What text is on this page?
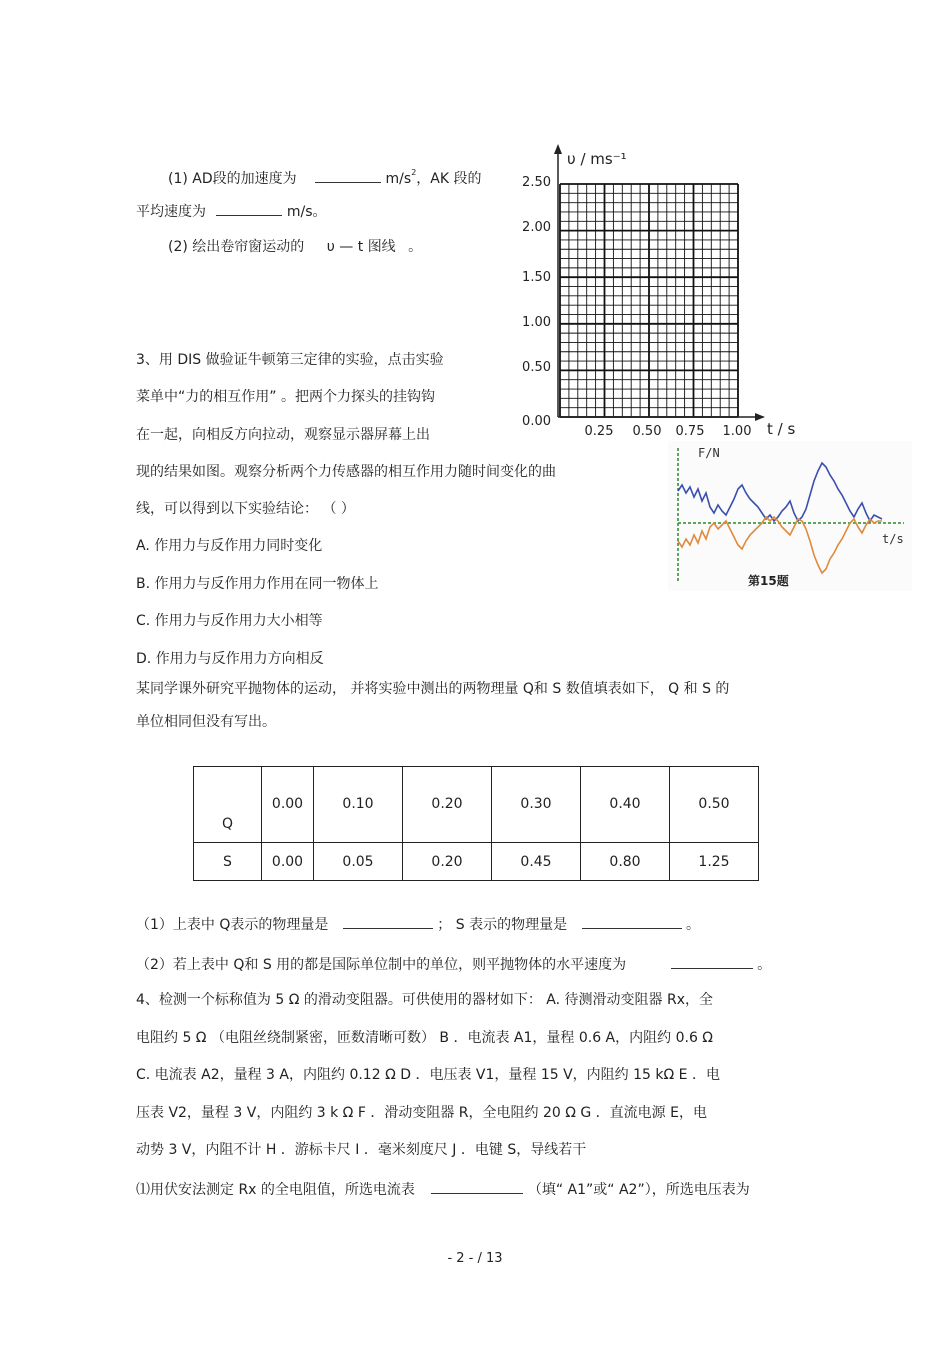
(1) AD段的加速度为	$m/s^2$，AK 段的
平均速度为	m/s。
(2) 绘出卷帘窗运动的 υ — t 图线 。
υ / ms⁻¹
t / s
2.50
2.00
1.50
1.00
0.50
0.00
0.25 0.50 0.75 1.00
3、用 DIS 做验证牛顿第三定律的实验，点击实验
菜单中“力的相互作用” 。把两个力探头的挂钩钩
在一起，向相反方向拉动，观察显示器屏幕上出
现的结果如图。观察分析两个力传感器的相互作用力随时间变化的曲
线，可以得到以下实验结论： （ ）
A. 作用力与反作用力同时变化
B. 作用力与反作用力作用在同一物体上
C. 作用力与反作用力大小相等
D. 作用力与反作用力方向相反
F/N
t/s
第15题
某同学课外研究平抛物体的运动， 并将实验中测出的两物理量 Q和 S 数值填表如下， Q 和 S 的
单位相同但没有写出。
Q	0.00	0.10	0.20	0.30	0.40	0.50
S	0.00	0.05	0.20	0.45	0.80	1.25
（1）上表中 Q表示的物理量是	； S 表示的物理量是	。
（2）若上表中 Q和 S 用的都是国际单位制中的单位，则平抛物体的水平速度为	。
4、检测一个标称值为 5 Ω 的滑动变阻器。可供使用的器材如下： A. 待测滑动变阻器 Rx，全
电阻约 5 Ω （电阻丝绕制紧密，匝数清晰可数） B ．电流表 A1，量程 0.6 A，内阻约 0.6 Ω
C. 电流表 A2，量程 3 A，内阻约 0.12 Ω D ．电压表 V1，量程 15 V，内阻约 15 kΩ E ．电
压表 V2，量程 3 V，内阻约 3 k Ω F ．滑动变阻器 R，全电阻约 20 Ω G ．直流电源 E，电
动势 3 V，内阻不计 H ．游标卡尺 I ．毫米刻度尺 J ．电键 S，导线若干
⑴用伏安法测定 Rx 的全电阻值，所选电流表	（填“ A1”或“ A2”），所选电压表为
- 2 - / 13
